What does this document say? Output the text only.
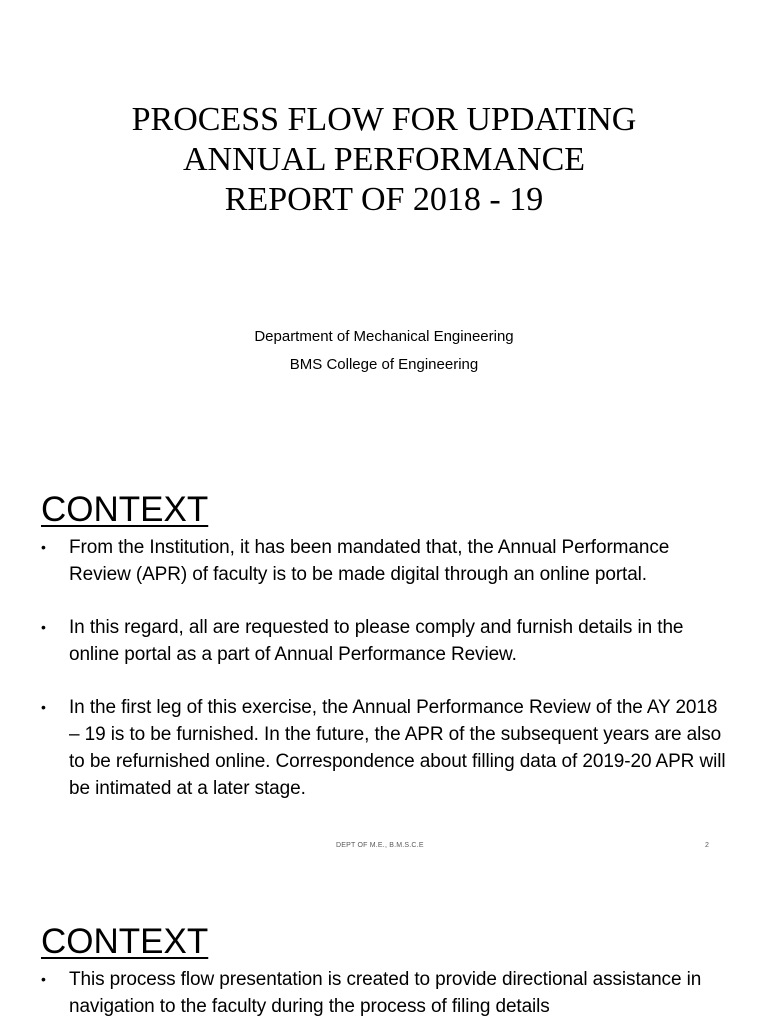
PROCESS FLOW FOR UPDATING
ANNUAL PERFORMANCE
REPORT OF 2018 - 19
Department of Mechanical Engineering
BMS College of Engineering
CONTEXT
• From the Institution, it has been mandated that, the Annual Performance Review (APR) of faculty is to be made digital through an online portal.
• In this regard, all are requested to please comply and furnish details in the online portal as a part of Annual Performance Review.
• In the first leg of this exercise, the Annual Performance Review of the AY 2018 – 19 is to be furnished. In the future, the APR of the subsequent years are also to be refurnished online. Correspondence about filling data of 2019-20 APR will be intimated at a later stage.
DEPT OF M.E., B.M.S.C.E	2
CONTEXT
• This process flow presentation is created to provide directional assistance in navigation to the faculty during the process of filing details
